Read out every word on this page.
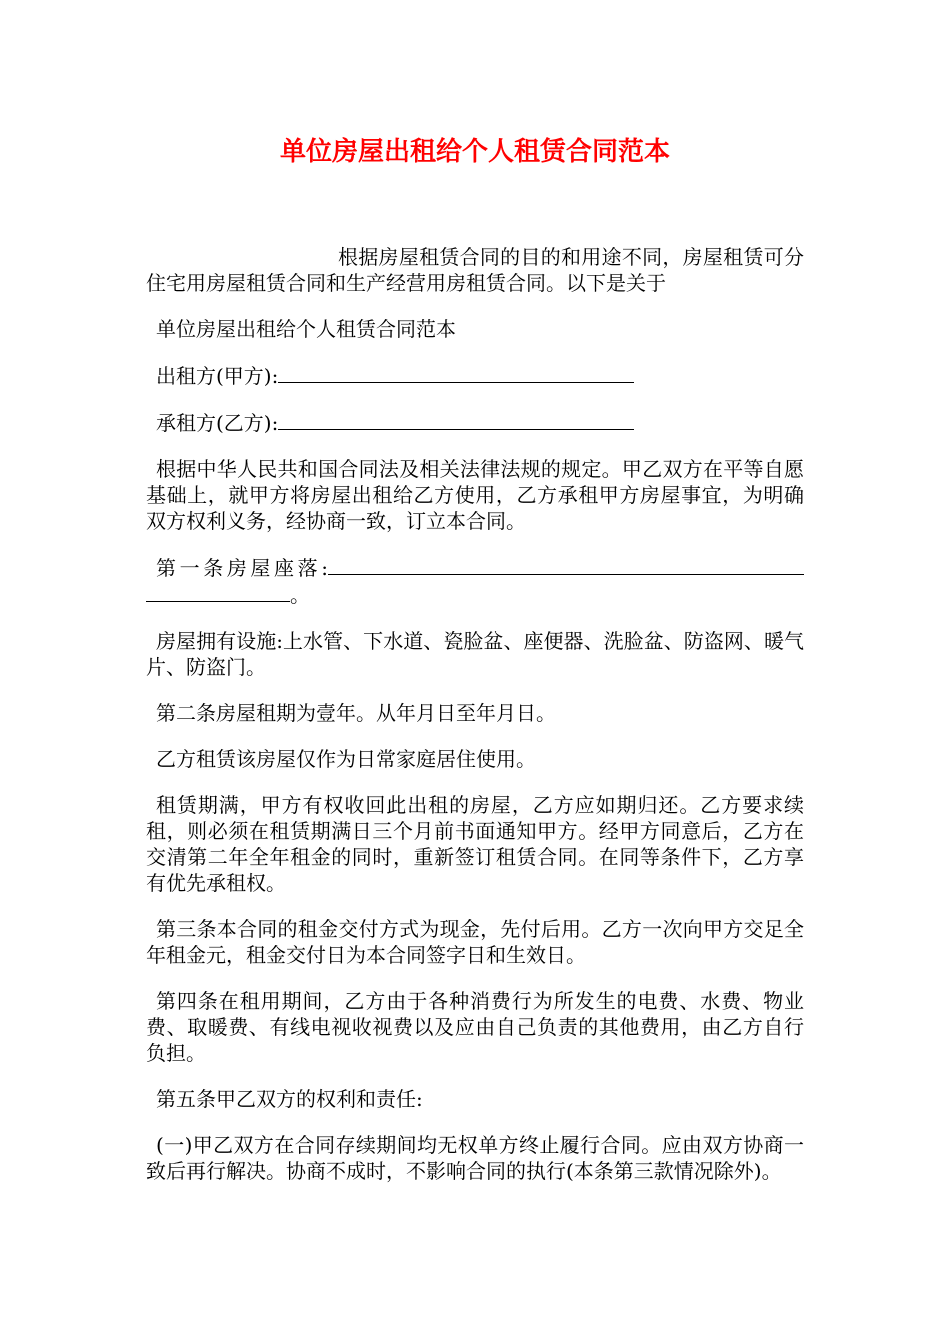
单位房屋出租给个人租赁合同范本

根据房屋租赁合同的目的和用途不同，房屋租赁可分住宅用房屋租赁合同和生产经营用房租赁合同。以下是关于

单位房屋出租给个人租赁合同范本

出租方(甲方):

承租方(乙方):

根据中华人民共和国合同法及相关法律法规的规定。甲乙双方在平等自愿基础上，就甲方将房屋出租给乙方使用，乙方承租甲方房屋事宜，为明确双方权利义务，经协商一致，订立本合同。

第一条房屋座落:。

房屋拥有设施:上水管、下水道、瓷脸盆、座便器、洗脸盆、防盗网、暖气片、防盗门。

第二条房屋租期为壹年。从年月日至年月日。

乙方租赁该房屋仅作为日常家庭居住使用。

租赁期满，甲方有权收回此出租的房屋，乙方应如期归还。乙方要求续租，则必须在租赁期满日三个月前书面通知甲方。经甲方同意后，乙方在交清第二年全年租金的同时，重新签订租赁合同。在同等条件下，乙方享有优先承租权。

第三条本合同的租金交付方式为现金，先付后用。乙方一次向甲方交足全年租金元，租金交付日为本合同签字日和生效日。

第四条在租用期间，乙方由于各种消费行为所发生的电费、水费、物业费、取暖费、有线电视收视费以及应由自己负责的其他费用，由乙方自行负担。

第五条甲乙双方的权利和责任:

(一)甲乙双方在合同存续期间均无权单方终止履行合同。应由双方协商一致后再行解决。协商不成时，不影响合同的执行(本条第三款情况除外)。
